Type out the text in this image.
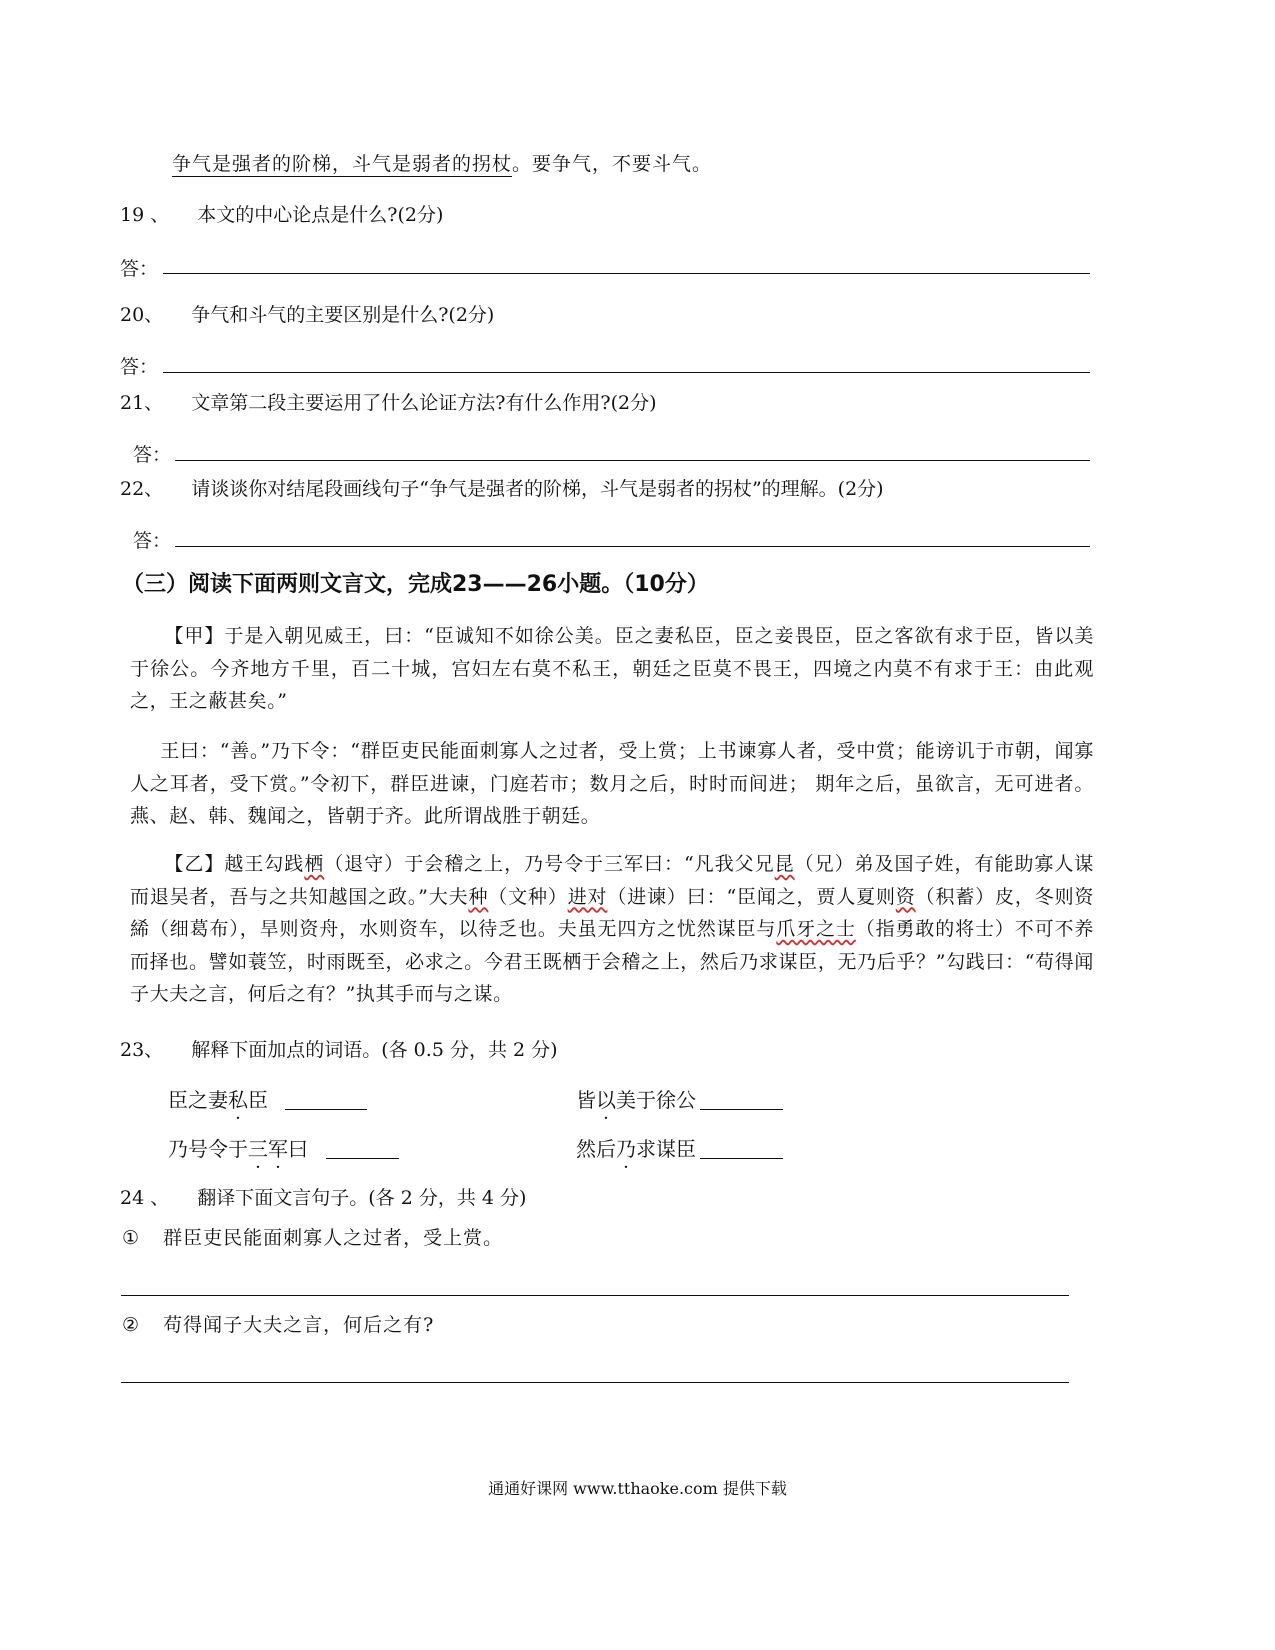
争气是强者的阶梯，斗气是弱者的拐杖。要争气，不要斗气。
19 、 本文的中心论点是什么?(2分)
答：
20、 争气和斗气的主要区别是什么?(2分)
答：
21、 文章第二段主要运用了什么论证方法?有什么作用?(2分)
答：
22、 请谈谈你对结尾段画线句子“争气是强者的阶梯，斗气是弱者的拐杖”的理解。(2分)
答：
（三）阅读下面两则文言文，完成23——26小题。（10分）
【甲】于是入朝见威王，曰：“臣诚知不如徐公美。臣之妻私臣，臣之妾畏臣，臣之客欲有求于臣，皆以美于徐公。今齐地方千里，百二十城，宫妇左右莫不私王，朝廷之臣莫不畏王，四境之内莫不有求于王：由此观之，王之蔽甚矣。”
王曰：“善。”乃下令：“群臣吏民能面刺寡人之过者，受上赏；上书谏寡人者，受中赏；能谤讥于市朝，闻寡人之耳者，受下赏。”令初下，群臣进谏，门庭若市；数月之后，时时而间进； 期年之后，虽欲言，无可进者。燕、赵、韩、魏闻之，皆朝于齐。此所谓战胜于朝廷。
【乙】越王勾践栖（退守）于会稽之上，乃号令于三军曰：“凡我父兄昆（兄）弟及国子姓，有能助寡人谋而退吴者，吾与之共知越国之政。”大夫种（文种）进对（进谏）曰：“臣闻之，贾人夏则资（积蓄）皮，冬则资絺（细葛布），旱则资舟，水则资车，以待乏也。夫虽无四方之忧然谋臣与爪牙之士（指勇敢的将士）不可不养而择也。譬如蓑笠，时雨既至，必求之。今君王既栖于会稽之上，然后乃求谋臣，无乃后乎？”勾践曰：“苟得闻子大夫之言，何后之有？”执其手而与之谋。
23、 解释下面加点的词语。(各 0.5 分，共 2 分)
臣之妻私臣	皆以美于徐公
乃号令于三军曰	然后乃求谋臣
24 、 翻译下面文言句子。(各 2 分，共 4 分)
① 群臣吏民能面刺寡人之过者，受上赏。
② 苟得闻子大夫之言，何后之有?
通通好课网 www.tthaoke.com 提供下载
